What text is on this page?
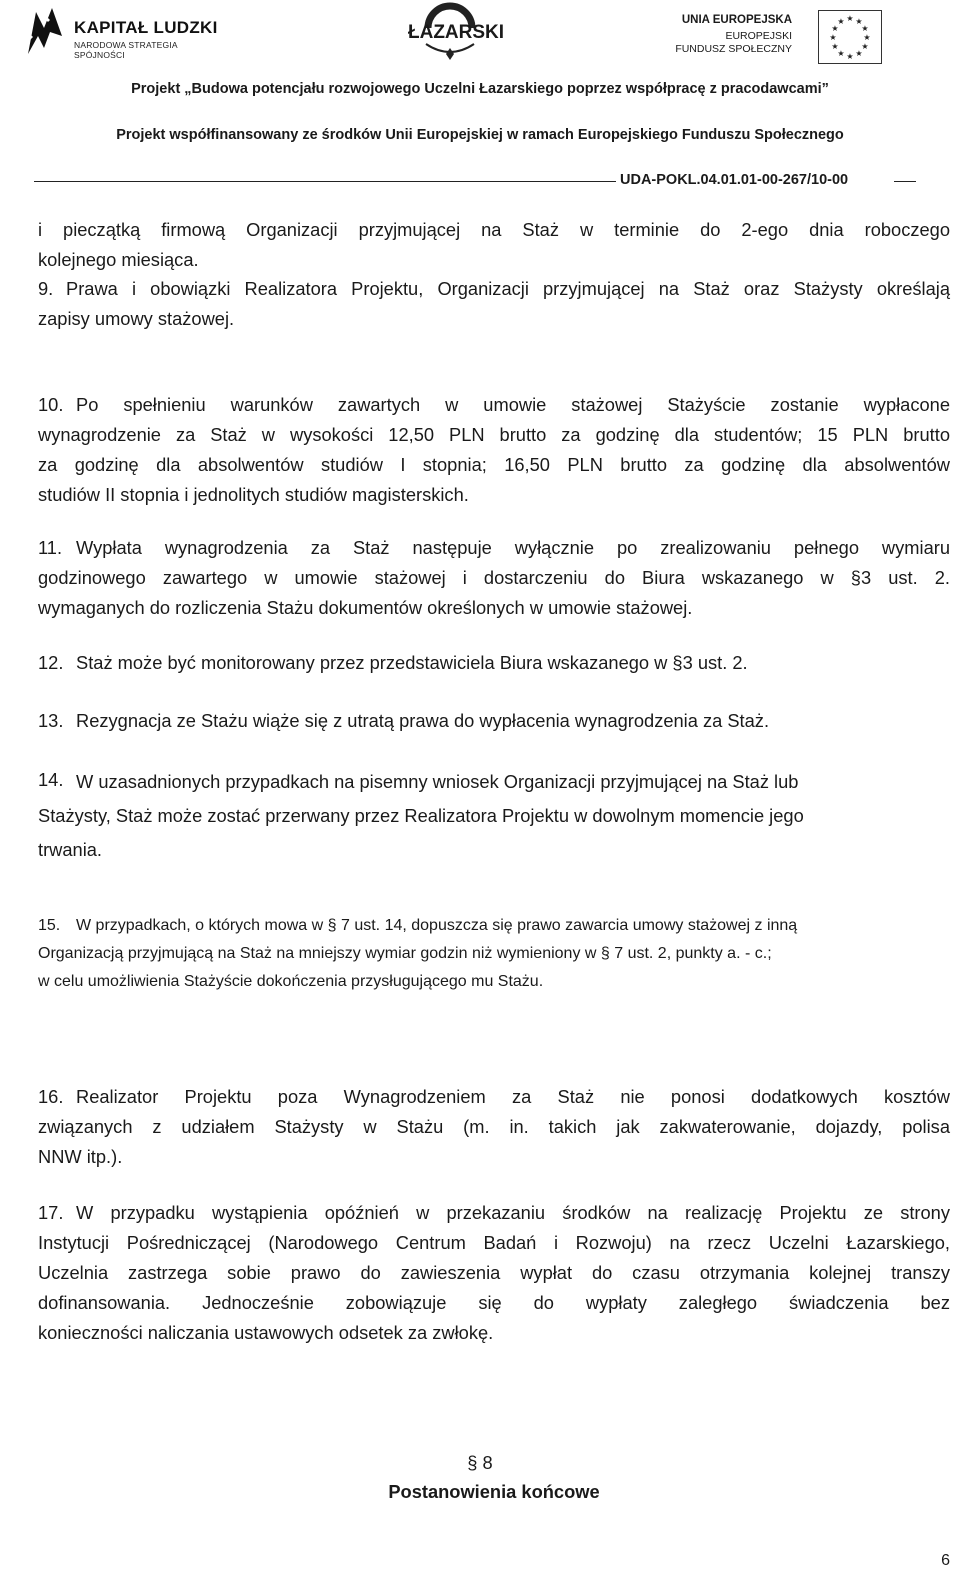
KAPITAŁ LUDZKI
NARODOWA STRATEGIA SPÓJNOŚCI
ŁAZARSKI
UNIA EUROPEJSKA
EUROPEJSKI
FUNDUSZ SPOŁECZNY
★ ★
★
★
★
★
★
★
★
★
★
★
Projekt „Budowa potencjału rozwojowego Uczelni Łazarskiego poprzez współpracę z pracodawcami”
Projekt współfinansowany ze środków Unii Europejskiej w ramach Europejskiego Funduszu Społecznego
UDA-POKL.04.01.01-00-267/10-00
i pieczątką firmową Organizacji przyjmującej na Staż w terminie do 2-ego dnia roboczego
kolejnego miesiąca.
9. Prawa i obowiązki Realizatora Projektu, Organizacji przyjmującej na Staż oraz Stażysty określają
zapisy umowy stażowej.
10. Po spełnieniu warunków zawartych w umowie stażowej Stażyście zostanie wypłacone
wynagrodzenie za Staż w wysokości 12,50 PLN brutto za godzinę dla studentów; 15 PLN brutto
za godzinę dla absolwentów studiów I stopnia; 16,50 PLN brutto za godzinę dla absolwentów
studiów II stopnia i jednolitych studiów magisterskich.
11. Wypłata wynagrodzenia za Staż następuje wyłącznie po zrealizowaniu pełnego wymiaru
godzinowego zawartego w umowie stażowej i dostarczeniu do Biura wskazanego w §3 ust. 2.
wymaganych do rozliczenia Stażu dokumentów określonych w umowie stażowej.
12. Staż może być monitorowany przez przedstawiciela Biura wskazanego w §3 ust. 2.
13. Rezygnacja ze Stażu wiąże się z utratą prawa do wypłacenia wynagrodzenia za Staż.
14. W uzasadnionych przypadkach na pisemny wniosek Organizacji przyjmującej na Staż lub
Stażysty, Staż może zostać przerwany przez Realizatora Projektu w dowolnym momencie jego
trwania.
15. W przypadkach, o których mowa w § 7 ust. 14, dopuszcza się prawo zawarcia umowy stażowej z inną
Organizacją przyjmującą na Staż na mniejszy wymiar godzin niż wymieniony w § 7 ust. 2, punkty a. - c.;
w celu umożliwienia Stażyście dokończenia przysługującego mu Stażu.
16. Realizator Projektu poza Wynagrodzeniem za Staż nie ponosi dodatkowych kosztów
związanych z udziałem Stażysty w Stażu (m. in. takich jak zakwaterowanie, dojazdy, polisa
NNW itp.).
17. W przypadku wystąpienia opóźnień w przekazaniu środków na realizację Projektu ze strony
Instytucji Pośredniczącej (Narodowego Centrum Badań i Rozwoju) na rzecz Uczelni Łazarskiego,
Uczelnia zastrzega sobie prawo do zawieszenia wypłat do czasu otrzymania kolejnej transzy
dofinansowania. Jednocześnie zobowiązuje się do wypłaty zaległego świadczenia bez
konieczności naliczania ustawowych odsetek za zwłokę.
§ 8
Postanowienia końcowe
6
